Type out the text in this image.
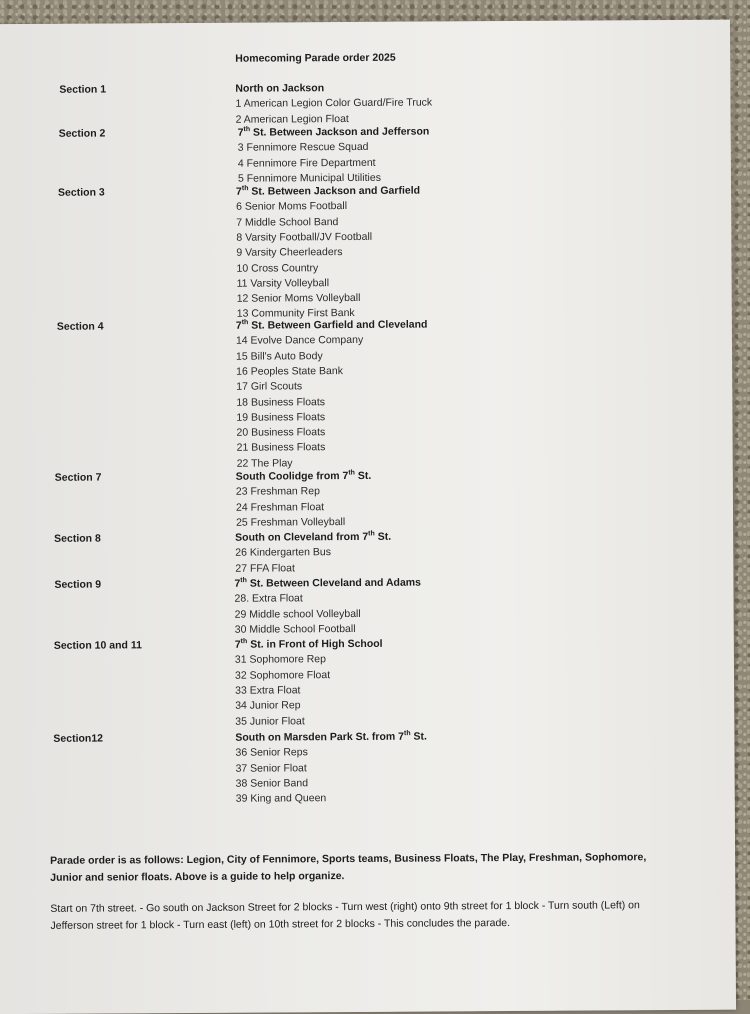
Homecoming Parade order 2025
Section 1	North on Jackson
1 American Legion Color Guard/Fire Truck
2 American Legion Float
Section 2	7th St. Between Jackson and Jefferson
3 Fennimore Rescue Squad
4 Fennimore Fire Department
5 Fennimore Municipal Utilities
Section 3	7th St. Between Jackson and Garfield
6 Senior Moms Football
7 Middle School Band
8 Varsity Football/JV Football
9 Varsity Cheerleaders
10 Cross Country
11 Varsity Volleyball
12 Senior Moms Volleyball
13 Community First Bank
Section 4	7th St. Between Garfield and Cleveland
14 Evolve Dance Company
15 Bill's Auto Body
16 Peoples State Bank
17 Girl Scouts
18 Business Floats
19 Business Floats
20 Business Floats
21 Business Floats
22 The Play
Section 7	South Coolidge from 7th St.
23 Freshman Rep
24 Freshman Float
25 Freshman Volleyball
Section 8	South on Cleveland from 7th St.
26 Kindergarten Bus
27 FFA Float
Section 9	7th St. Between Cleveland and Adams
28. Extra Float
29 Middle school Volleyball
30 Middle School Football
Section 10 and 11	7th St. in Front of High School
31 Sophomore Rep
32 Sophomore Float
33 Extra Float
34 Junior Rep
35 Junior Float
Section12	South on Marsden Park St. from 7th St.
36 Senior Reps
37 Senior Float
38 Senior Band
39 King and Queen

Parade order is as follows: Legion, City of Fennimore, Sports teams, Business Floats, The Play, Freshman, Sophomore, Junior and senior floats. Above is a guide to help organize.

Start on 7th street. - Go south on Jackson Street for 2 blocks - Turn west (right) onto 9th street for 1 block - Turn south (Left) on Jefferson street for 1 block - Turn east (left) on 10th street for 2 blocks - This concludes the parade.
